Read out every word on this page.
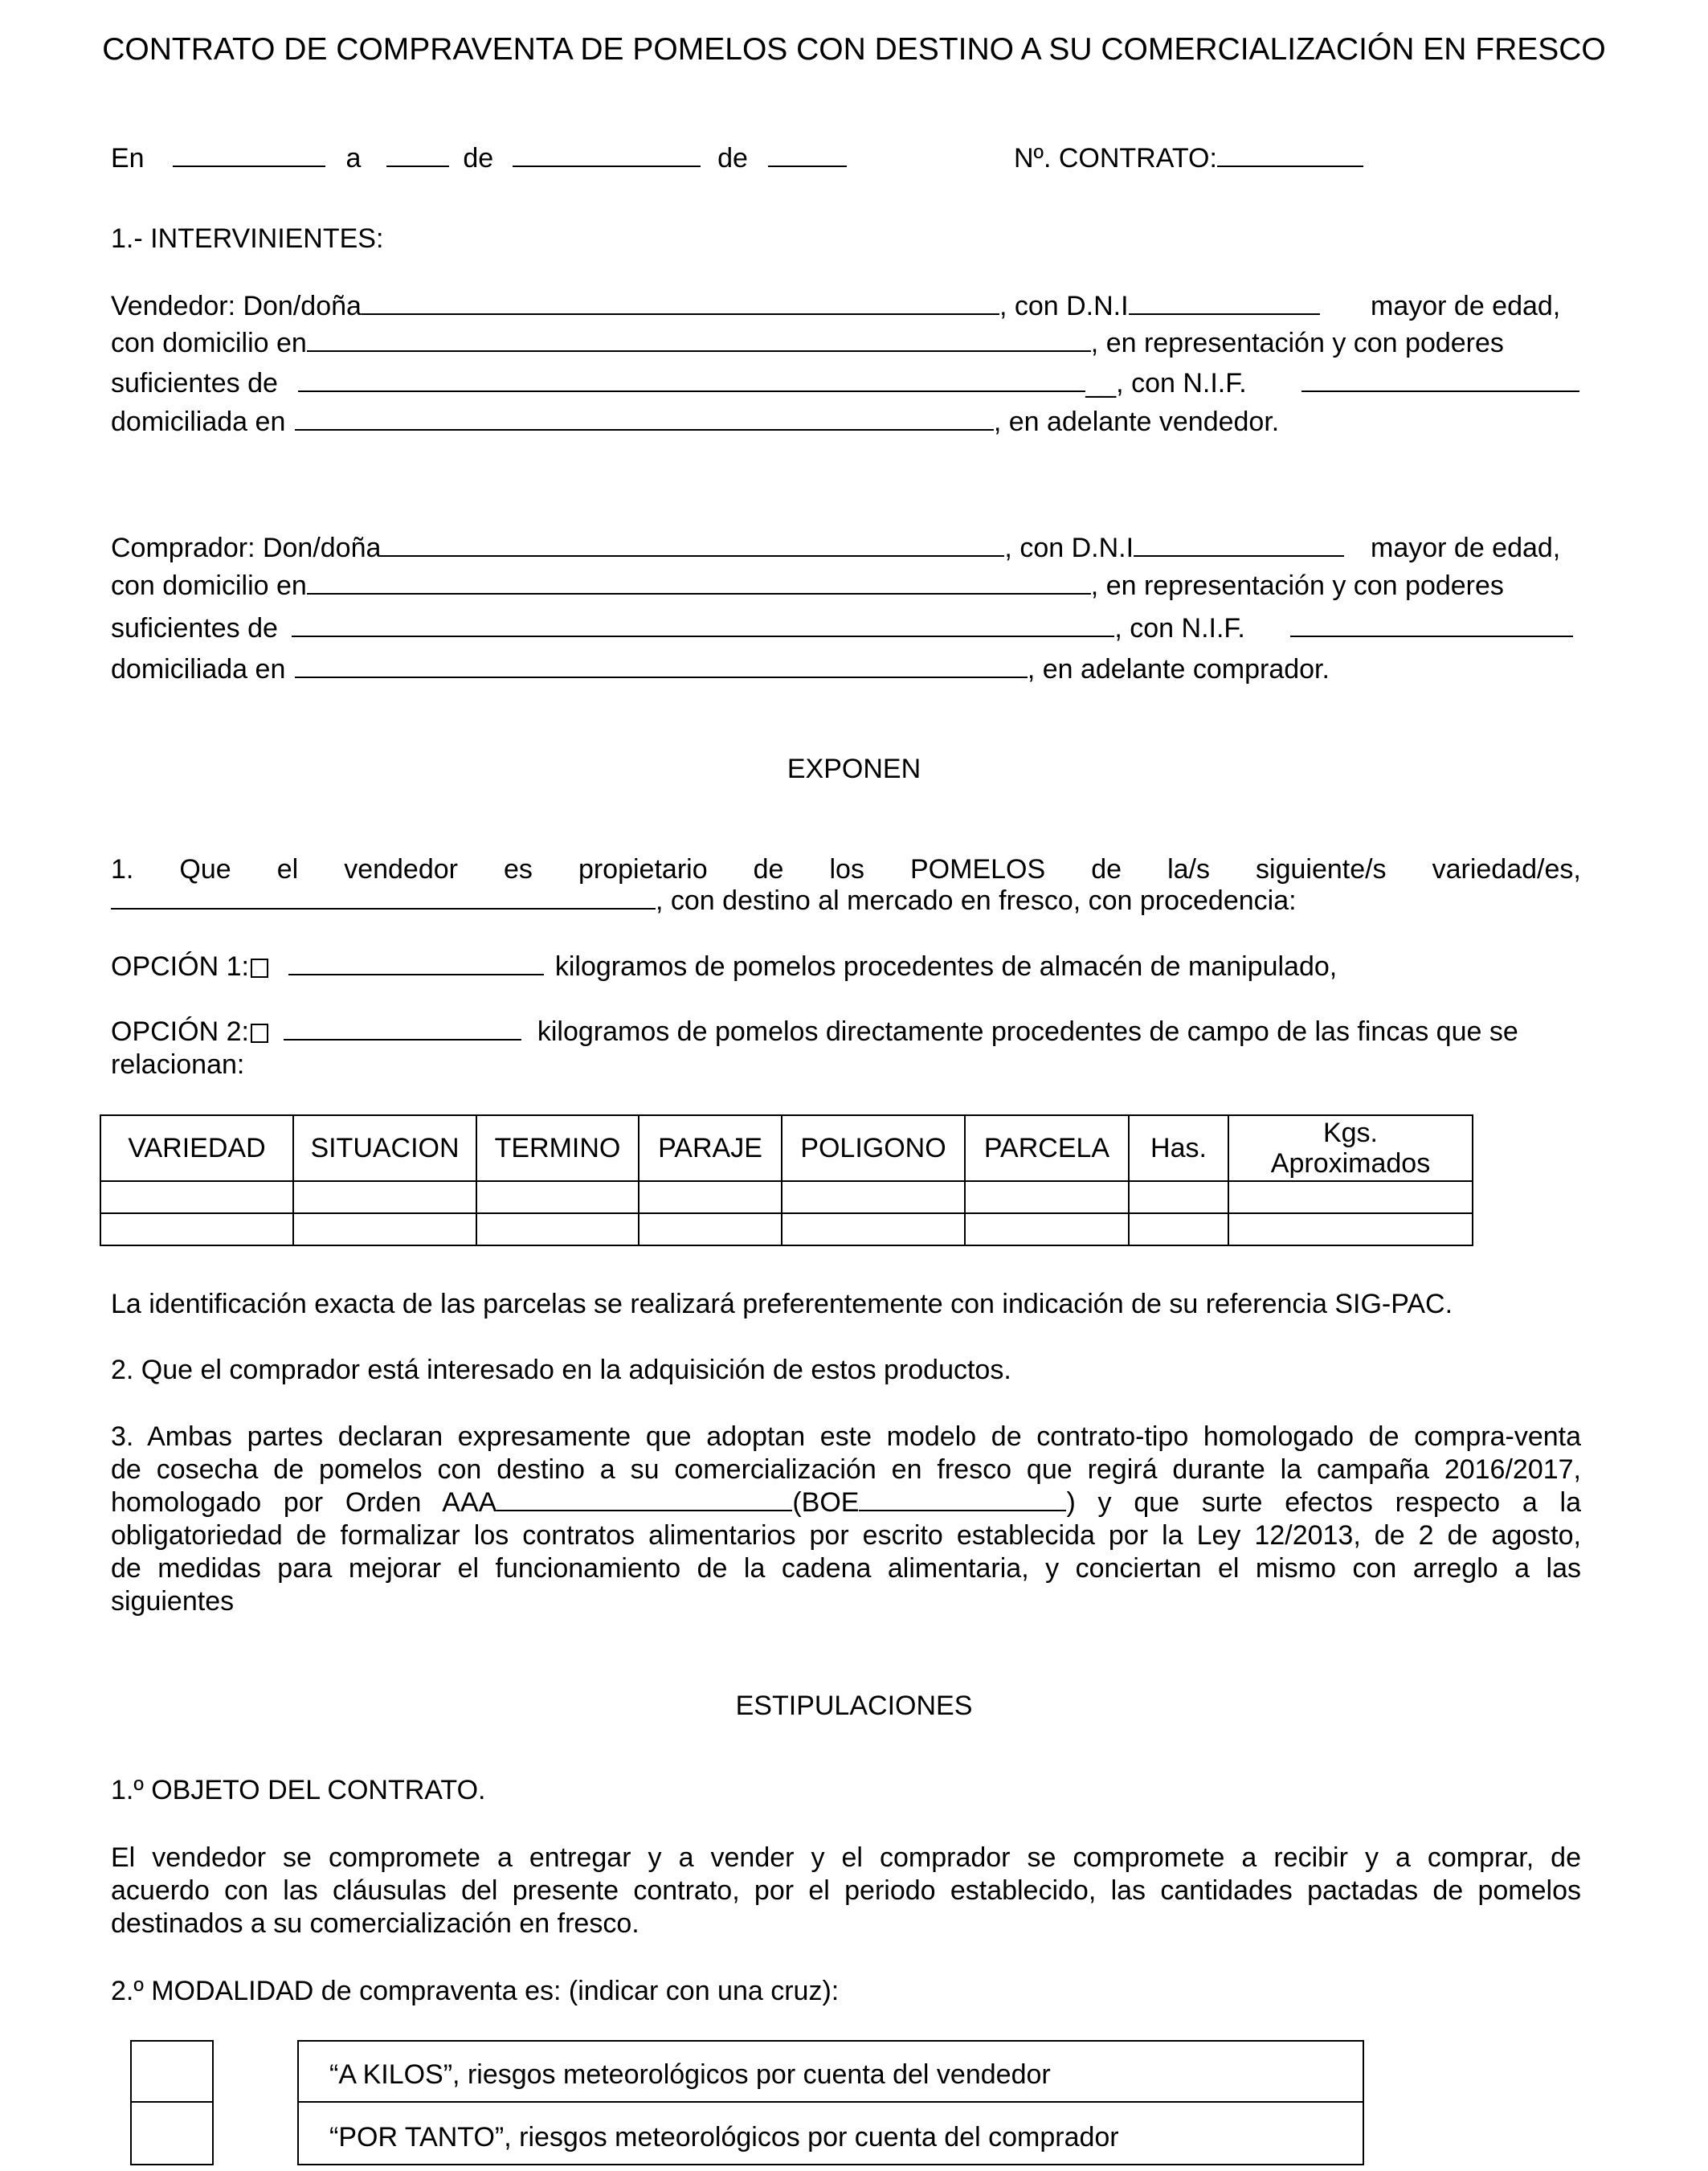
CONTRATO DE COMPRAVENTA DE POMELOS CON DESTINO A SU COMERCIALIZACIÓN EN FRESCO
En	a	de	de	Nº. CONTRATO:
1.- INTERVINIENTES:
Vendedor: Don/doña	, con D.N.I	mayor de edad,
con domicilio en	, en representación y con poderes
suficientes de	__, con N.I.F.
domiciliada en	, en adelante vendedor.
Comprador: Don/doña	, con D.N.I	mayor de edad,
con domicilio en	, en representación y con poderes
suficientes de	, con N.I.F.
domiciliada en	, en adelante comprador.
EXPONEN
1. Que el vendedor es propietario de los POMELOS de la/s siguiente/s variedad/es,
, con destino al mercado en fresco, con procedencia:
OPCIÓN 1:	kilogramos de pomelos procedentes de almacén de manipulado,
OPCIÓN 2:	kilogramos de pomelos directamente procedentes de campo de las fincas que se
relacionan:
VARIEDAD	SITUACION	TERMINO	PARAJE	POLIGONO	PARCELA	Has.	Kgs.
Aproximados

La identificación exacta de las parcelas se realizará preferentemente con indicación de su referencia SIG-PAC.
2. Que el comprador está interesado en la adquisición de estos productos.
3. Ambas partes declaran expresamente que adoptan este modelo de contrato-tipo homologado de compra-venta
de cosecha de pomelos con destino a su comercialización en fresco que regirá durante la campaña 2016/2017,
homologado por Orden AAA	(BOE	) y que surte efectos respecto a la
obligatoriedad de formalizar los contratos alimentarios por escrito establecida por la Ley 12/2013, de 2 de agosto,
de medidas para mejorar el funcionamiento de la cadena alimentaria, y conciertan el mismo con arreglo a las
siguientes
ESTIPULACIONES
1.º OBJETO DEL CONTRATO.
El vendedor se compromete a entregar y a vender y el comprador se compromete a recibir y a comprar, de
acuerdo con las cláusulas del presente contrato, por el periodo establecido, las cantidades pactadas de pomelos
destinados a su comercialización en fresco.
2.º MODALIDAD de compraventa es: (indicar con una cruz):
“A KILOS”, riesgos meteorológicos por cuenta del vendedor
“POR TANTO”, riesgos meteorológicos por cuenta del comprador
